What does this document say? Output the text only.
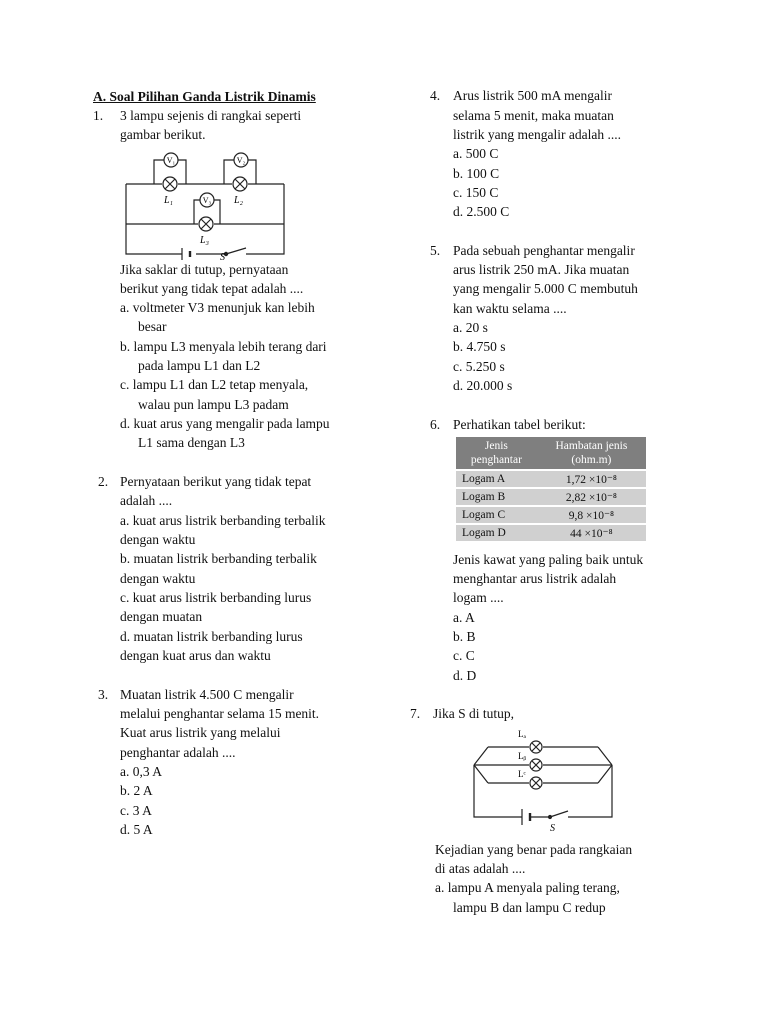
A. Soal Pilihan Ganda Listrik Dinamis
1. 3 lampu sejenis di rangkai seperti
gambar berikut.
V₁	V₂
V₃
L₁	L₂
L₃
S
Jika saklar di tutup, pernyataan
berikut yang tidak tepat adalah ....
a. voltmeter V3 menunjuk kan lebih
besar
b. lampu L3 menyala lebih terang dari
pada lampu L1 dan L2
c. lampu L1 dan L2 tetap menyala,
walau pun lampu L3 padam
d. kuat arus yang mengalir pada lampu
L1 sama dengan L3
2. Pernyataan berikut yang tidak tepat
adalah ....
a. kuat arus listrik berbanding terbalik
dengan waktu
b. muatan listrik berbanding terbalik
dengan waktu
c. kuat arus listrik berbanding lurus
dengan muatan
d. muatan listrik berbanding lurus
dengan kuat arus dan waktu
3. Muatan listrik 4.500 C mengalir
melalui penghantar selama 15 menit.
Kuat arus listrik yang melalui
penghantar adalah ....
a. 0,3 A
b. 2 A
c. 3 A
d. 5 A
4. Arus listrik 500 mA mengalir
selama 5 menit, maka muatan
listrik yang mengalir adalah ....
a. 500 C
b. 100 C
c. 150 C
d. 2.500 C
5. Pada sebuah penghantar mengalir
arus listrik 250 mA. Jika muatan
yang mengalir 5.000 C membutuh
kan waktu selama ....
a. 20 s
b. 4.750 s
c. 5.250 s
d. 20.000 s
6. Perhatikan tabel berikut:
Jenis
penghantar	Hambatan jenis
(ohm.m)
Logam A	1,72 ×10⁻⁸
Logam B	2,82 ×10⁻⁸
Logam C	9,8 ×10⁻⁸
Logam D	44 ×10⁻⁸
Jenis kawat yang paling baik untuk
menghantar arus listrik adalah
logam ....
a. A
b. B
c. C
d. D
7. Jika S di tutup,
Lₐ
Lᵦ
Lᶜ
S
Kejadian yang benar pada rangkaian
di atas adalah ....
a. lampu A menyala paling terang,
lampu B dan lampu C redup
